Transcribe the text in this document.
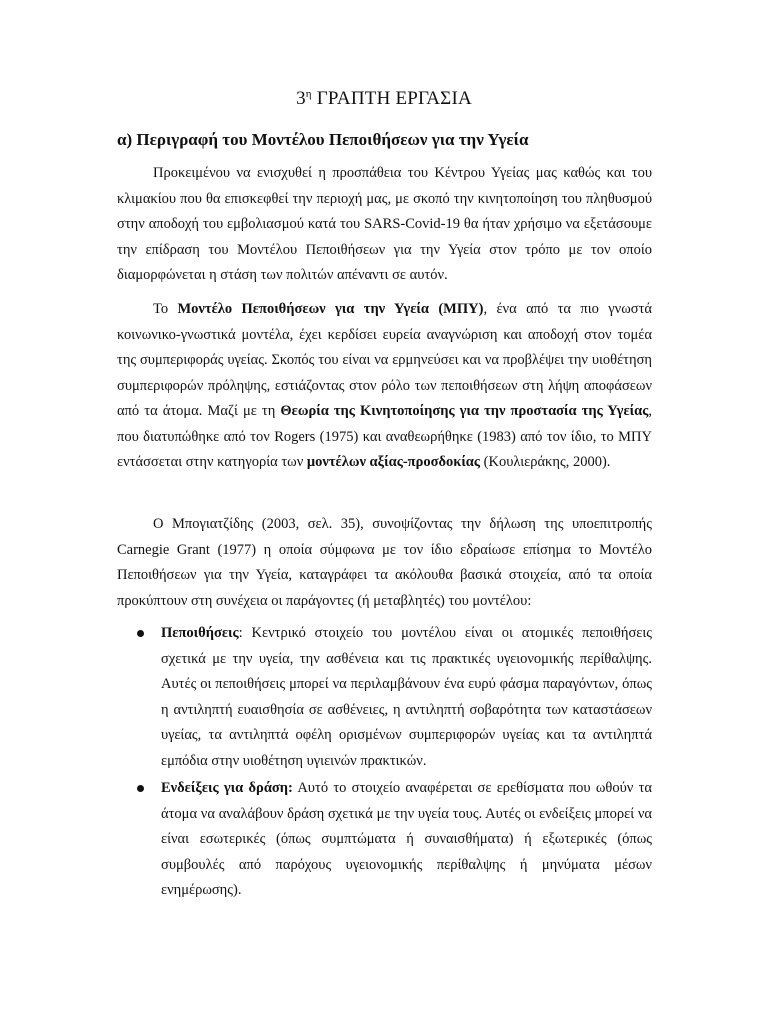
$3^\eta$ ΓΡΑΠΤΗ ΕΡΓΑΣΙΑ
α) Περιγραφή του Μοντέλου Πεποιθήσεων για την Υγεία

Προκειμένου να ενισχυθεί η προσπάθεια του Κέντρου Υγείας μας καθώς και του κλιμακίου που θα επισκεφθεί την περιοχή μας, με σκοπό την κινητοποίηση του πληθυσμού στην αποδοχή του εμβολιασμού κατά του SARS-Covid-19 θα ήταν χρήσιμο να εξετάσουμε την επίδραση του Μοντέλου Πεποιθήσεων για την Υγεία στον τρόπο με τον οποίο διαμορφώνεται η στάση των πολιτών απέναντι σε αυτόν.

Το Μοντέλο Πεποιθήσεων για την Υγεία (ΜΠΥ), ένα από τα πιο γνωστά κοινωνικο-γνωστικά μοντέλα, έχει κερδίσει ευρεία αναγνώριση και αποδοχή στον τομέα της συμπεριφοράς υγείας. Σκοπός του είναι να ερμηνεύσει και να προβλέψει την υιοθέτηση συμπεριφορών πρόληψης, εστιάζοντας στον ρόλο των πεποιθήσεων στη λήψη αποφάσεων από τα άτομα. Μαζί με τη Θεωρία της Κινητοποίησης για την προστασία της Υγείας, που διατυπώθηκε από τον Rogers (1975) και αναθεωρήθηκε (1983) από τον ίδιο, το ΜΠΥ εντάσσεται στην κατηγορία των μοντέλων αξίας-προσδοκίας (Κουλιεράκης, 2000).

Ο Μπογιατζίδης (2003, σελ. 35), συνοψίζοντας την δήλωση της υποεπιτροπής Carnegie Grant (1977) η οποία σύμφωνα με τον ίδιο εδραίωσε επίσημα το Μοντέλο Πεποιθήσεων για την Υγεία, καταγράφει τα ακόλουθα βασικά στοιχεία, από τα οποία προκύπτουν στη συνέχεια οι παράγοντες (ή μεταβλητές) του μοντέλου:

Πεποιθήσεις: Κεντρικό στοιχείο του μοντέλου είναι οι ατομικές πεποιθήσεις σχετικά με την υγεία, την ασθένεια και τις πρακτικές υγειονομικής περίθαλψης. Αυτές οι πεποιθήσεις μπορεί να περιλαμβάνουν ένα ευρύ φάσμα παραγόντων, όπως η αντιληπτή ευαισθησία σε ασθένειες, η αντιληπτή σοβαρότητα των καταστάσεων υγείας, τα αντιληπτά οφέλη ορισμένων συμπεριφορών υγείας και τα αντιληπτά εμπόδια στην υιοθέτηση υγιεινών πρακτικών.
Ενδείξεις για δράση: Αυτό το στοιχείο αναφέρεται σε ερεθίσματα που ωθούν τα άτομα να αναλάβουν δράση σχετικά με την υγεία τους. Αυτές οι ενδείξεις μπορεί να είναι εσωτερικές (όπως συμπτώματα ή συναισθήματα) ή εξωτερικές (όπως συμβουλές από παρόχους υγειονομικής περίθαλψης ή μηνύματα μέσων ενημέρωσης).
